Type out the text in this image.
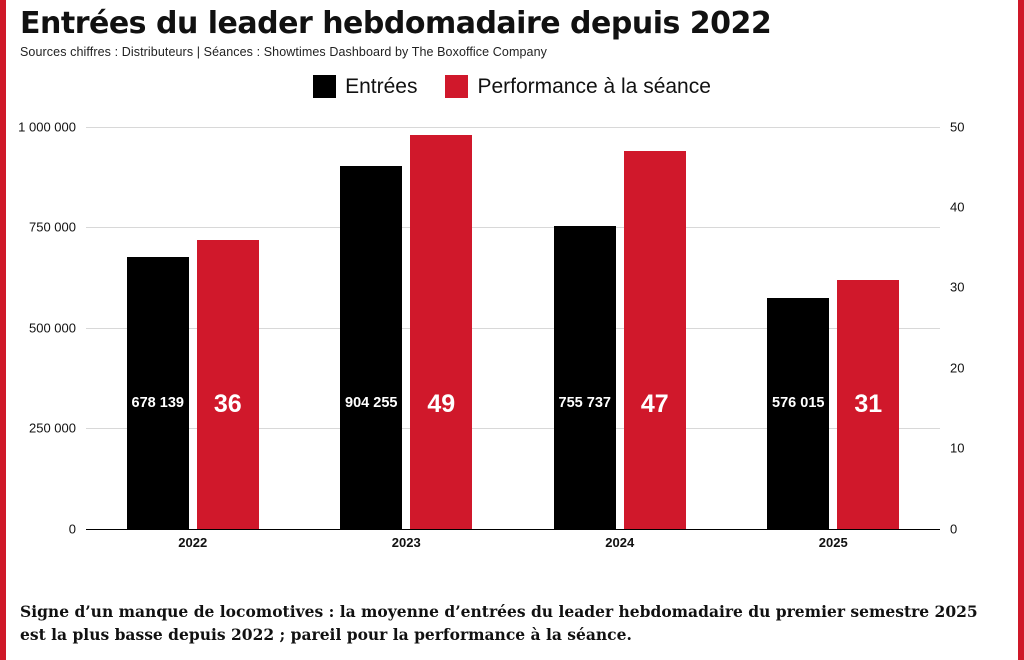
Entrées du leader hebdomadaire depuis 2022
Sources chiffres : Distributeurs | Séances : Showtimes Dashboard by The Boxoffice Company
Entrées	Performance à la séance
1 000 000
750 000
500 000
250 000
0
50
40
30
20
10
0
678 139 36	904 255 49	755 737 47	576 015 31
2022	2023	2024	2025
Signe d’un manque de locomotives : la moyenne d’entrées du leader hebdomadaire du premier semestre 2025 est la plus basse depuis 2022 ; pareil pour la performance à la séance.
